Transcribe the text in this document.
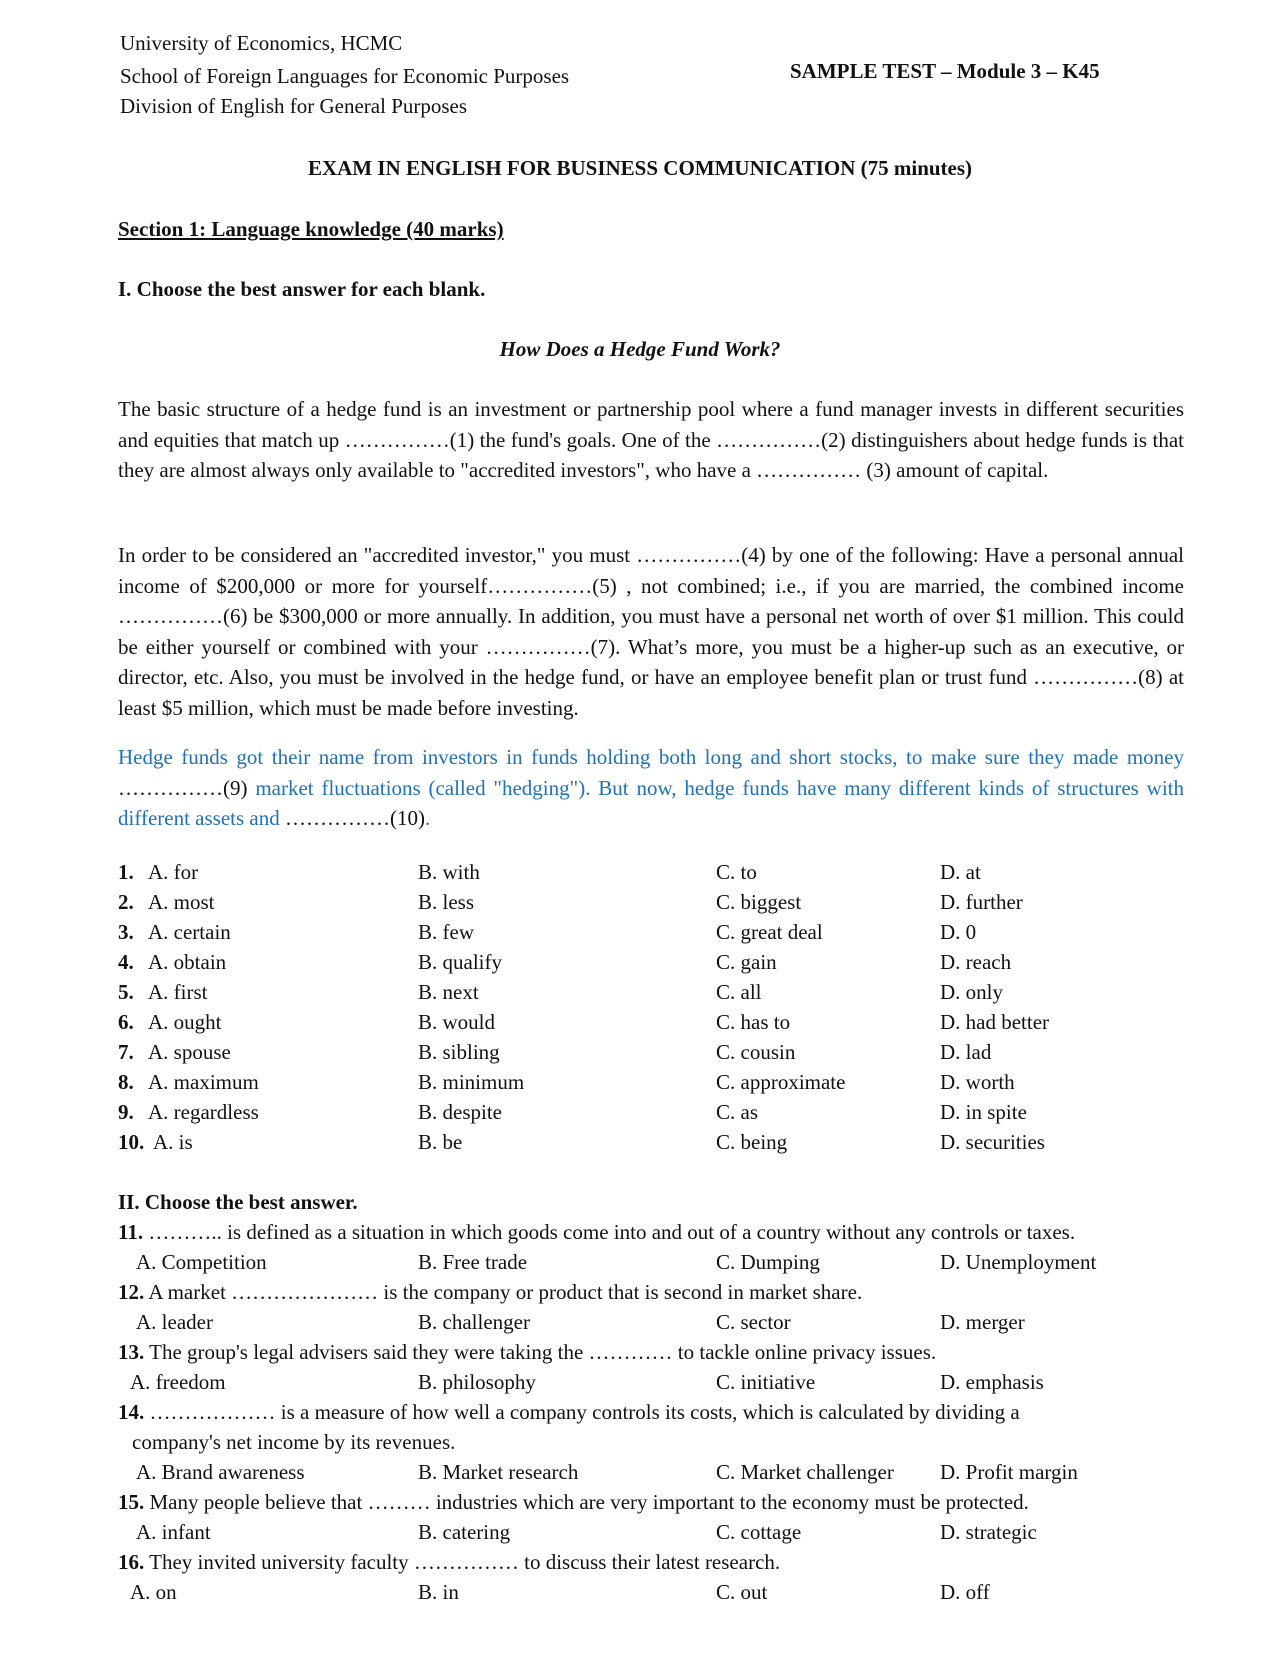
University of Economics, HCMC
School of Foreign Languages for Economic Purposes
Division of English for General Purposes
SAMPLE TEST – Module 3 – K45
EXAM IN ENGLISH FOR BUSINESS COMMUNICATION (75 minutes)
Section 1: Language knowledge (40 marks)
I. Choose the best answer for each blank.
How Does a Hedge Fund Work?
The basic structure of a hedge fund is an investment or partnership pool where a fund manager invests in different securities and equities that match up ……………(1) the fund's goals. One of the ……………(2) distinguishers about hedge funds is that they are almost always only available to "accredited investors", who have a …………… (3) amount of capital.
In order to be considered an "accredited investor," you must ……………(4) by one of the following: Have a personal annual income of $200,000 or more for yourself……………(5) , not combined; i.e., if you are married, the combined income ……………(6) be $300,000 or more annually. In addition, you must have a personal net worth of over $1 million. This could be either yourself or combined with your ……………(7). What’s more, you must be a higher-up such as an executive, or director, etc. Also, you must be involved in the hedge fund, or have an employee benefit plan or trust fund ……………(8) at least $5 million, which must be made before investing.
Hedge funds got their name from investors in funds holding both long and short stocks, to make sure they made money ……………(9) market fluctuations (called "hedging"). But now, hedge funds have many different kinds of structures with different assets and ……………(10).
1. A. for	B. with	C. to	D. at
2. A. most	B. less	C. biggest	D. further
3. A. certain	B. few	C. great deal	D. 0
4. A. obtain	B. qualify	C. gain	D. reach
5. A. first	B. next	C. all	D. only
6. A. ought	B. would	C. has to	D. had better
7. A. spouse	B. sibling	C. cousin	D. lad
8. A. maximum	B. minimum	C. approximate	D. worth
9. A. regardless	B. despite	C. as	D. in spite
10. A. is	B. be	C. being	D. securities
II. Choose the best answer.
11. ……….. is defined as a situation in which goods come into and out of a country without any controls or taxes.
A. Competition	B. Free trade	C. Dumping	D. Unemployment
12. A market ………………… is the company or product that is second in market share.
A. leader	B. challenger	C. sector	D. merger
13. The group's legal advisers said they were taking the ………… to tackle online privacy issues.
A. freedom	B. philosophy	C. initiative	D. emphasis
14. ……………… is a measure of how well a company controls its costs, which is calculated by dividing a
company's net income by its revenues.
A. Brand awareness	B. Market research	C. Market challenger D. Profit margin
15. Many people believe that ……… industries which are very important to the economy must be protected.
A. infant	B. catering	C. cottage	D. strategic
16. They invited university faculty …………… to discuss their latest research.
A. on	B. in	C. out	D. off
